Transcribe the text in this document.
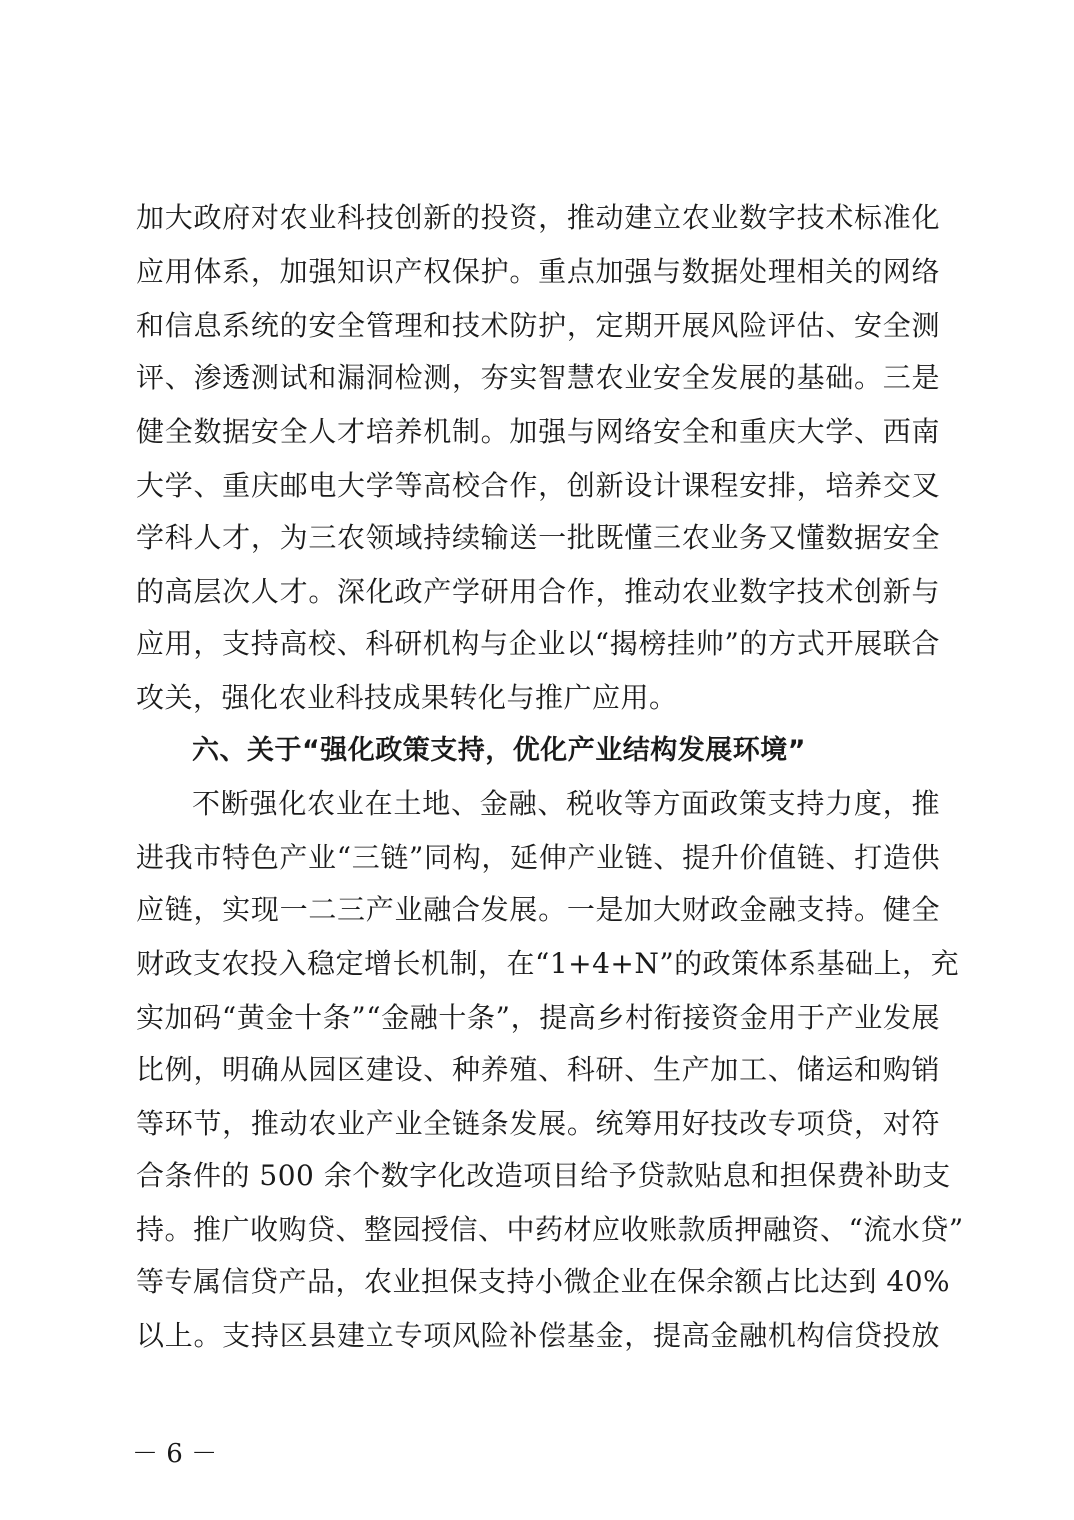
加大政府对农业科技创新的投资，推动建立农业数字技术标准化
应用体系，加强知识产权保护。重点加强与数据处理相关的网络
和信息系统的安全管理和技术防护，定期开展风险评估、安全测
评、渗透测试和漏洞检测，夯实智慧农业安全发展的基础。三是
健全数据安全人才培养机制。加强与网络安全和重庆大学、西南
大学、重庆邮电大学等高校合作，创新设计课程安排，培养交叉
学科人才，为三农领域持续输送一批既懂三农业务又懂数据安全
的高层次人才。深化政产学研用合作，推动农业数字技术创新与
应用，支持高校、科研机构与企业以“揭榜挂帅”的方式开展联合
攻关，强化农业科技成果转化与推广应用。
六、关于“强化政策支持，优化产业结构发展环境”
不断强化农业在土地、金融、税收等方面政策支持力度，推
进我市特色产业“三链”同构，延伸产业链、提升价值链、打造供
应链，实现一二三产业融合发展。一是加大财政金融支持。健全
财政支农投入稳定增长机制，在“1+4+N”的政策体系基础上，充
实加码“黄金十条”“金融十条”，提高乡村衔接资金用于产业发展
比例，明确从园区建设、种养殖、科研、生产加工、储运和购销
等环节，推动农业产业全链条发展。统筹用好技改专项贷，对符
合条件的 500 余个数字化改造项目给予贷款贴息和担保费补助支
持。推广收购贷、整园授信、中药材应收账款质押融资、“流水贷”
等专属信贷产品，农业担保支持小微企业在保余额占比达到 40%
以上。支持区县建立专项风险补偿基金，提高金融机构信贷投放
－ 6 －
